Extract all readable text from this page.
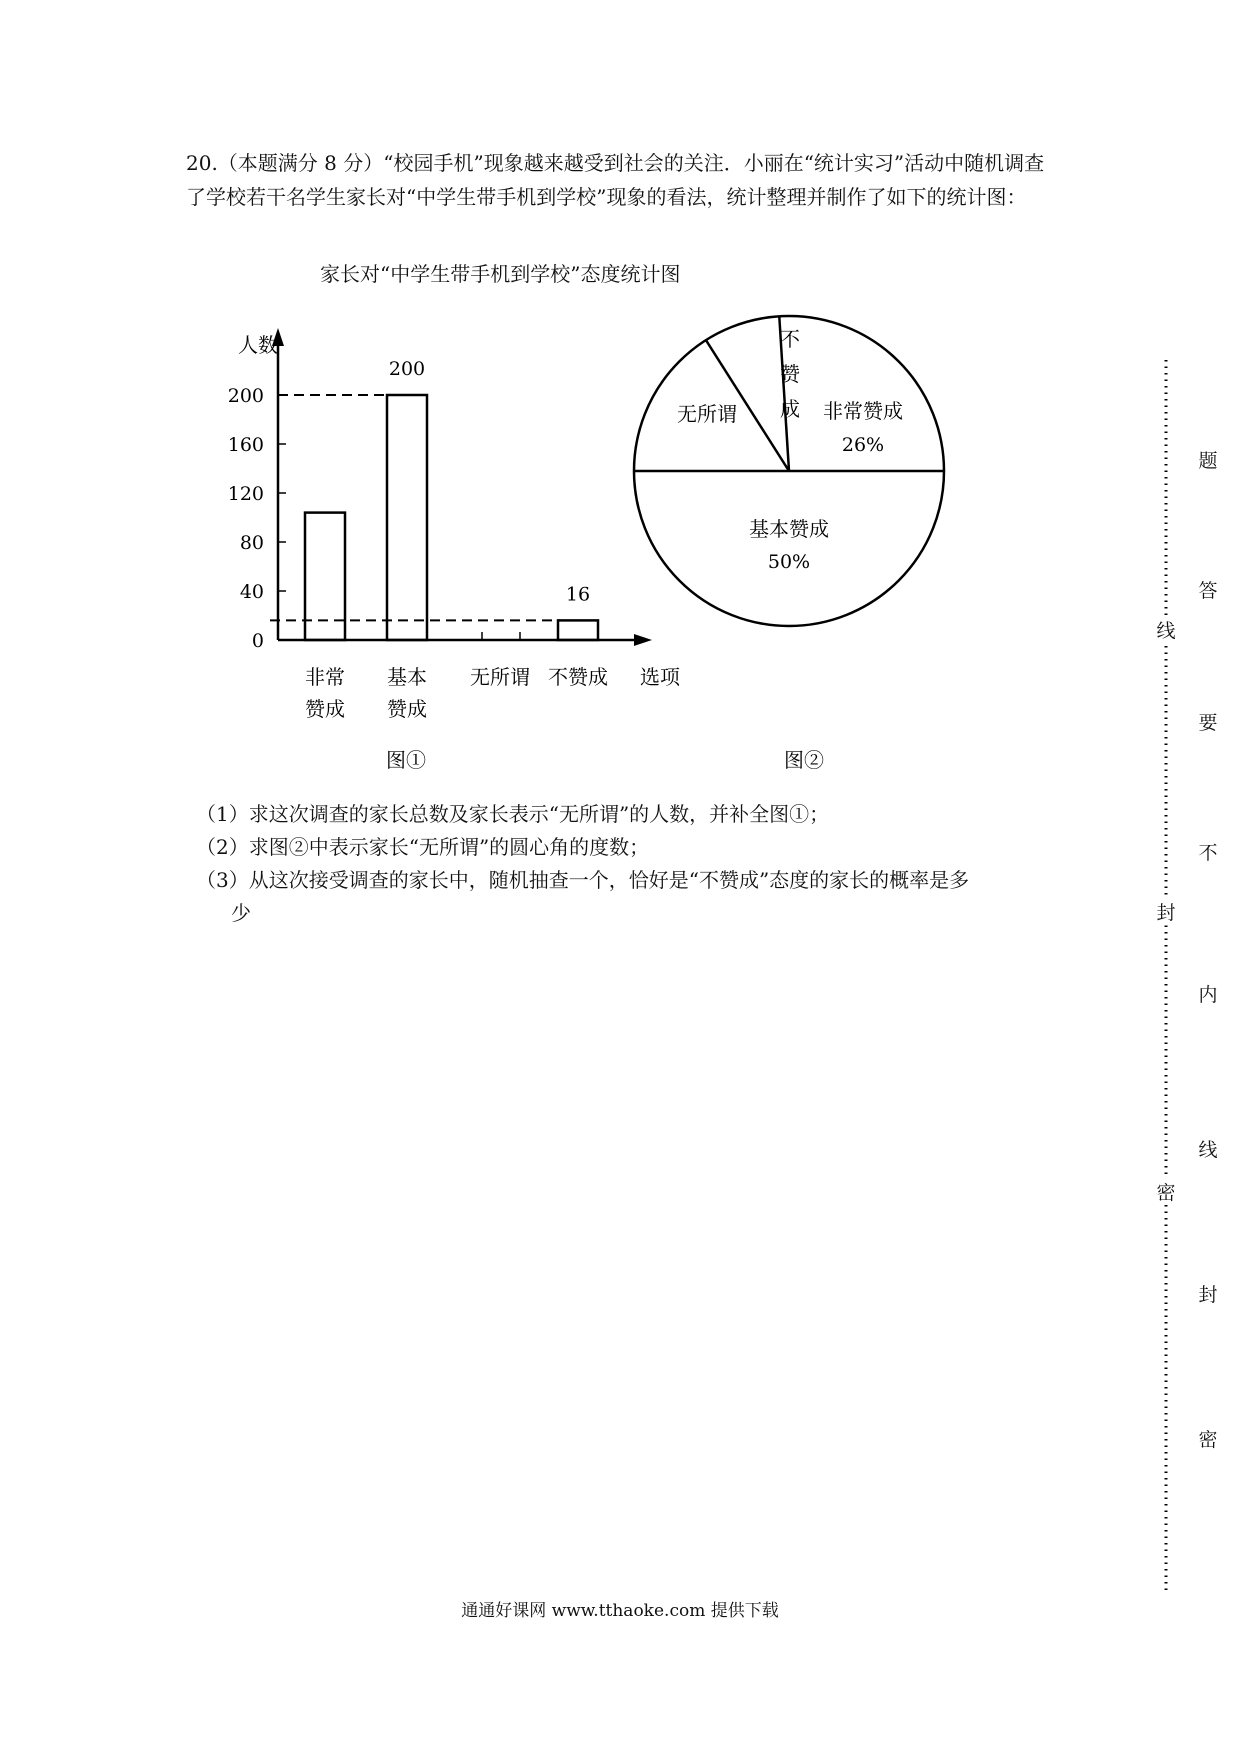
20.（本题满分 8 分）“校园手机”现象越来越受到社会的关注．小丽在“统计实习”活动中随机调查了学校若干名学生家长对“中学生带手机到学校”现象的看法，统计整理并制作了如下的统计图：

家长对“中学生带手机到学校”态度统计图

人数
0
40
80
120
160
200
非常
赞成
200
基本
赞成
无所谓
16
不赞成 选项
图①
基本赞成
50%
非常赞成
26%
无所谓
不
赞
成
图②

（1）求这次调查的家长总数及家长表示“无所谓”的人数，并补全图①；

（2）求图②中表示家长“无所谓”的圆心角的度数；

（3）从这次接受调查的家长中，随机抽查一个，恰好是“不赞成”态度的家长的概率是多

少

通通好课网 www.tthaoke.com 提供下载
题
答
要
不
内
线
封
密
线
封
密
